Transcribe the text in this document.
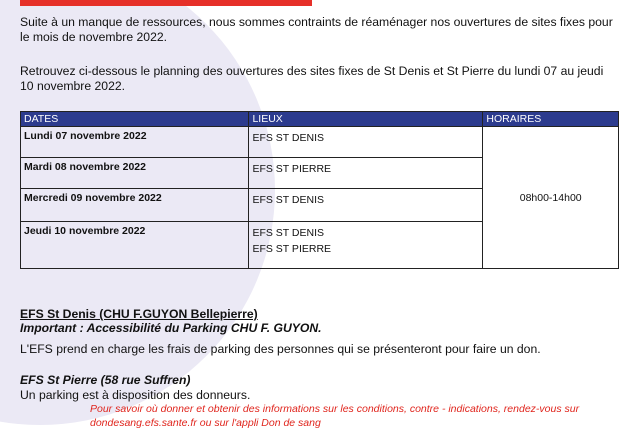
Suite à un manque de ressources, nous sommes contraints de réaménager nos ouvertures de sites fixes pour le mois de novembre 2022.

Retrouvez ci-dessous le planning des ouvertures des sites fixes de St Denis et St Pierre du lundi 07 au jeudi 10 novembre 2022.

DATES	LIEUX	HORAIRES
Lundi 07 novembre 2022	EFS ST DENIS	08h00-14h00
Mardi 08 novembre 2022	EFS ST PIERRE	

Mercredi 09 novembre 2022	EFS ST DENIS	

Jeudi 10 novembre 2022	EFS ST DENIS
EFS ST PIERRE	

EFS St Denis (CHU F.GUYON Bellepierre)

Important : Accessibilité du Parking CHU F. GUYON.

L'EFS prend en charge les frais de parking des personnes qui se présenteront pour faire un don.

EFS St Pierre (58 rue Suffren)

Un parking est à disposition des donneurs.

Pour savoir où donner et obtenir des informations sur les conditions, contre - indications, rendez-vous sur dondesang.efs.sante.fr ou sur l'appli Don de sang
